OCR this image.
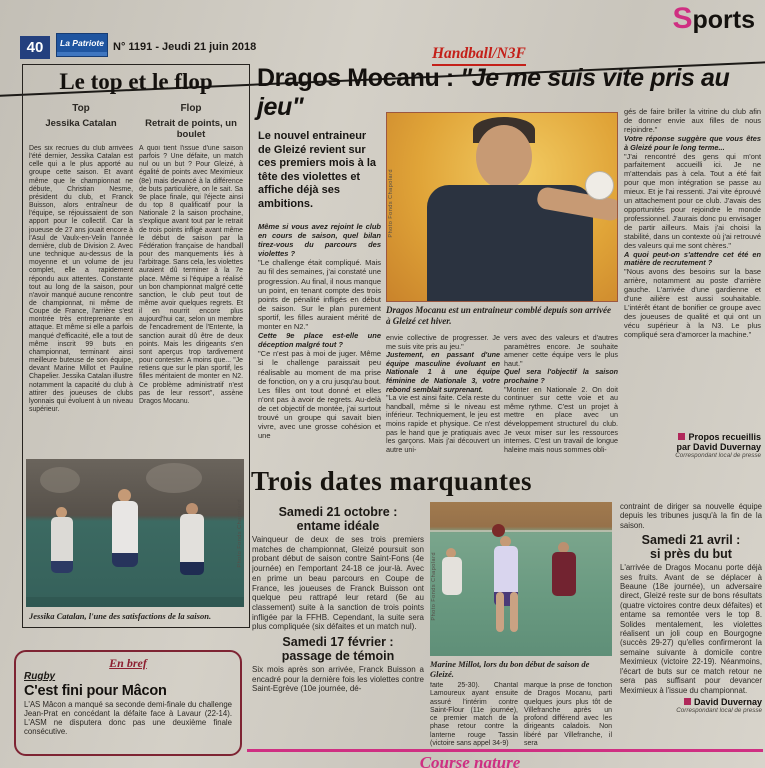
Sports
40	La Patriote N° 1191 - Jeudi 21 juin 2018	Handball/N3F
Le top et le flop
Top	Flop
Jessika Catalan	Retrait de points, un boulet
Des six recrues du club arrivées l'été dernier, Jessika Catalan est celle qui a le plus apporté au groupe cette saison. Et avant même que le championnat ne débute, Christian Nesme, président du club, et Franck Buisson, alors entraîneur de l'équipe, se réjouissaient de son apport pour le collectif. Car la joueuse de 27 ans jouait encore à l'Asul de Vaulx-en-Velin l'année dernière, club de Division 2. Avec une technique au-dessus de la moyenne et un volume de jeu complet, elle a rapidement répondu aux attentes. Constante tout au long de la saison, pour n'avoir manqué aucune rencontre de championnat, ni même de Coupe de France, l'arrière s'est montrée très entreprenante en attaque. Et même si elle a parfois manqué d'efficacité, elle a tout de même inscrit 99 buts en championnat, terminant ainsi meilleure buteuse de son équipe, devant Marine Millot et Pauline Chapelier. Jessika Catalan illustre notamment la capacité du club à attirer des joueuses de clubs lyonnais qui évoluent à un niveau supérieur.
A quoi tient l'issue d'une saison parfois ? Une défaite, un match nul ou un but ? Pour Gleizé, à égalité de points avec Meximieux (8e) mais devancé à la différence de buts particulière, on le sait. Sa 9e place finale, qui l'éjecte ainsi du top 8 qualificatif pour la Nationale 2 la saison prochaine, s'explique avant tout par le retrait de trois points infligé avant même le début de saison par la Fédération française de handball pour des manquements liés à l'arbitrage. Sans cela, les violettes auraient dû terminer à la 7e place. Même si l'équipe a réalisé un bon championnat malgré cette sanction, le club peut tout de même avoir quelques regrets. Et il en nourrit encore plus aujourd'hui car, selon un membre de l'encadrement de l'Entente, la sanction aurait dû être de deux points. Mais les dirigeants s'en sont aperçus trop tardivement pour contester. A moins que... "Je retiens que sur le plan sportif, les filles méritaient de monter en N2. Ce problème administratif n'est pas de leur ressort", assène Dragos Mocanu.
Photo Fonds Chapolard
Jessika Catalan, l'une des satisfactions de la saison.
En bref
Rugby
C'est fini pour Mâcon
L'AS Mâcon a manqué sa seconde demi-finale du challenge Jean-Prat en concédant la défaite face à Lavaur (22-14). L'ASM ne disputera donc pas une deuxième finale consécutive.
Dragos Mocanu : "Je me suis vite pris au jeu"
Le nouvel entraineur de Gleizé revient sur ces premiers mois à la tête des violettes et affiche déjà ses ambitions.	Photo Fonds Chapolard
Dragos Mocanu est un entraineur comblé depuis son arrivée à Gleizé cet hiver.

Même si vous avez rejoint le club en cours de saison, quel bilan tirez-vous du parcours des violettes ?

"Le challenge était compliqué. Mais au fil des semaines, j'ai constaté une progression. Au final, il nous manque un point, en tenant compte des trois points de pénalité infligés en début de saison. Sur le plan purement sportif, les filles auraient mérité de monter en N2."

Cette 9e place est-elle une déception malgré tout ?

"Ce n'est pas à moi de juger. Même si le challenge paraissait peu réalisable au moment de ma prise de fonction, on y a cru jusqu'au bout. Les filles ont tout donné et elles n'ont pas à avoir de regrets. Au-delà de cet objectif de montée, j'ai surtout trouvé un groupe qui savait bien vivre, avec une grosse cohésion et une

envie collective de progresser. Je me suis vite pris au jeu."

Justement, en passant d'une équipe masculine évoluant en Nationale 1 à une équipe féminine de Nationale 3, votre rebond semblait surprenant.

"La vie est ainsi faite. Cela reste du handball, même si le niveau est inférieur. Techniquement, le jeu est moins rapide et physique. Ce n'est pas le hand que je pratiquais avec les garçons. Mais j'ai découvert un autre uni-

vers avec des valeurs et d'autres paramètres encore. Je souhaite amener cette équipe vers le plus haut."

Quel sera l'objectif la saison prochaine ?

"Monter en Nationale 2. On doit continuer sur cette voie et au même rythme. C'est un projet à mettre en place avec un développement structurel du club. Je veux miser sur les ressources internes. C'est un travail de longue haleine mais nous sommes obli-

gés de faire briller la vitrine du club afin de donner envie aux filles de nous rejoindre."

Votre réponse suggère que vous êtes à Gleizé pour le long terme...

"J'ai rencontré des gens qui m'ont parfaitement accueilli ici. Je ne m'attendais pas à cela. Tout a été fait pour que mon intégration se passe au mieux. Et je l'ai ressenti. J'ai vite éprouvé un attachement pour ce club. J'avais des opportunités pour rejoindre le monde professionnel. J'aurais donc pu envisager de partir ailleurs. Mais j'ai choisi la stabilité, dans un contexte où j'ai retrouvé des valeurs qui me sont chères."

A quoi peut-on s'attendre cet été en matière de recrutement ?

"Nous avons des besoins sur la base arrière, notamment au poste d'arrière gauche. L'arrivée d'une gardienne et d'une ailière est aussi souhaitable. L'intérêt étant de bonifier ce groupe avec des joueuses de qualité et qui ont un vécu supérieur à la N3. Le plus compliqué sera d'amorcer la machine."

Propos recueillis
par David Duvernay
Correspondant local de presse
Trois dates marquantes
Samedi 21 octobre :
entame idéale
Vainqueur de deux de ses trois premiers matches de championnat, Gleizé poursuit son probant début de saison contre Saint-Fons (4e journée) en l'emportant 24-18 ce jour-là. Avec en prime un beau parcours en Coupe de France, les joueuses de Franck Buisson ont quelque peu rattrapé leur retard (6e au classement) suite à la sanction de trois points infligée par la FFHB. Cependant, la suite sera plus compliquée (six défaites et un match nul).
Samedi 17 février :
passage de témoin
Six mois après son arrivée, Franck Buisson a encadré pour la dernière fois les violettes contre Saint-Egrève (10e journée, dé-
Photo Fonds Chapolard
Marine Millot, lors du bon début de saison de Gleizé.
faite 25-30). Chantal Lamoureux ayant ensuite assuré l'intérim contre Saint-Flour (11e journée), ce premier match de la phase retour contre la lanterne rouge Tassin (victoire sans appel 34-9)
marque la prise de fonction de Dragos Mocanu, parti quelques jours plus tôt de Villefranche après un profond différend avec les dirigeants caladois. Non libéré par Villefranche, il sera
contraint de diriger sa nouvelle équipe depuis les tribunes jusqu'à la fin de la saison.
Samedi 21 avril :
si près du but
L'arrivée de Dragos Mocanu porte déjà ses fruits. Avant de se déplacer à Beaune (18e journée), un adversaire direct, Gleizé reste sur de bons résultats (quatre victoires contre deux défaites) et entame sa remontée vers le top 8. Solides mentalement, les violettes réalisent un joli coup en Bourgogne (succès 29-27) qu'elles confirmeront la semaine suivante à domicile contre Meximieux (victoire 22-19). Néanmoins, l'écart de buts sur ce match retour ne sera pas suffisant pour devancer Meximieux à l'issue du championnat.
David Duvernay
Correspondant local de presse
Course nature
